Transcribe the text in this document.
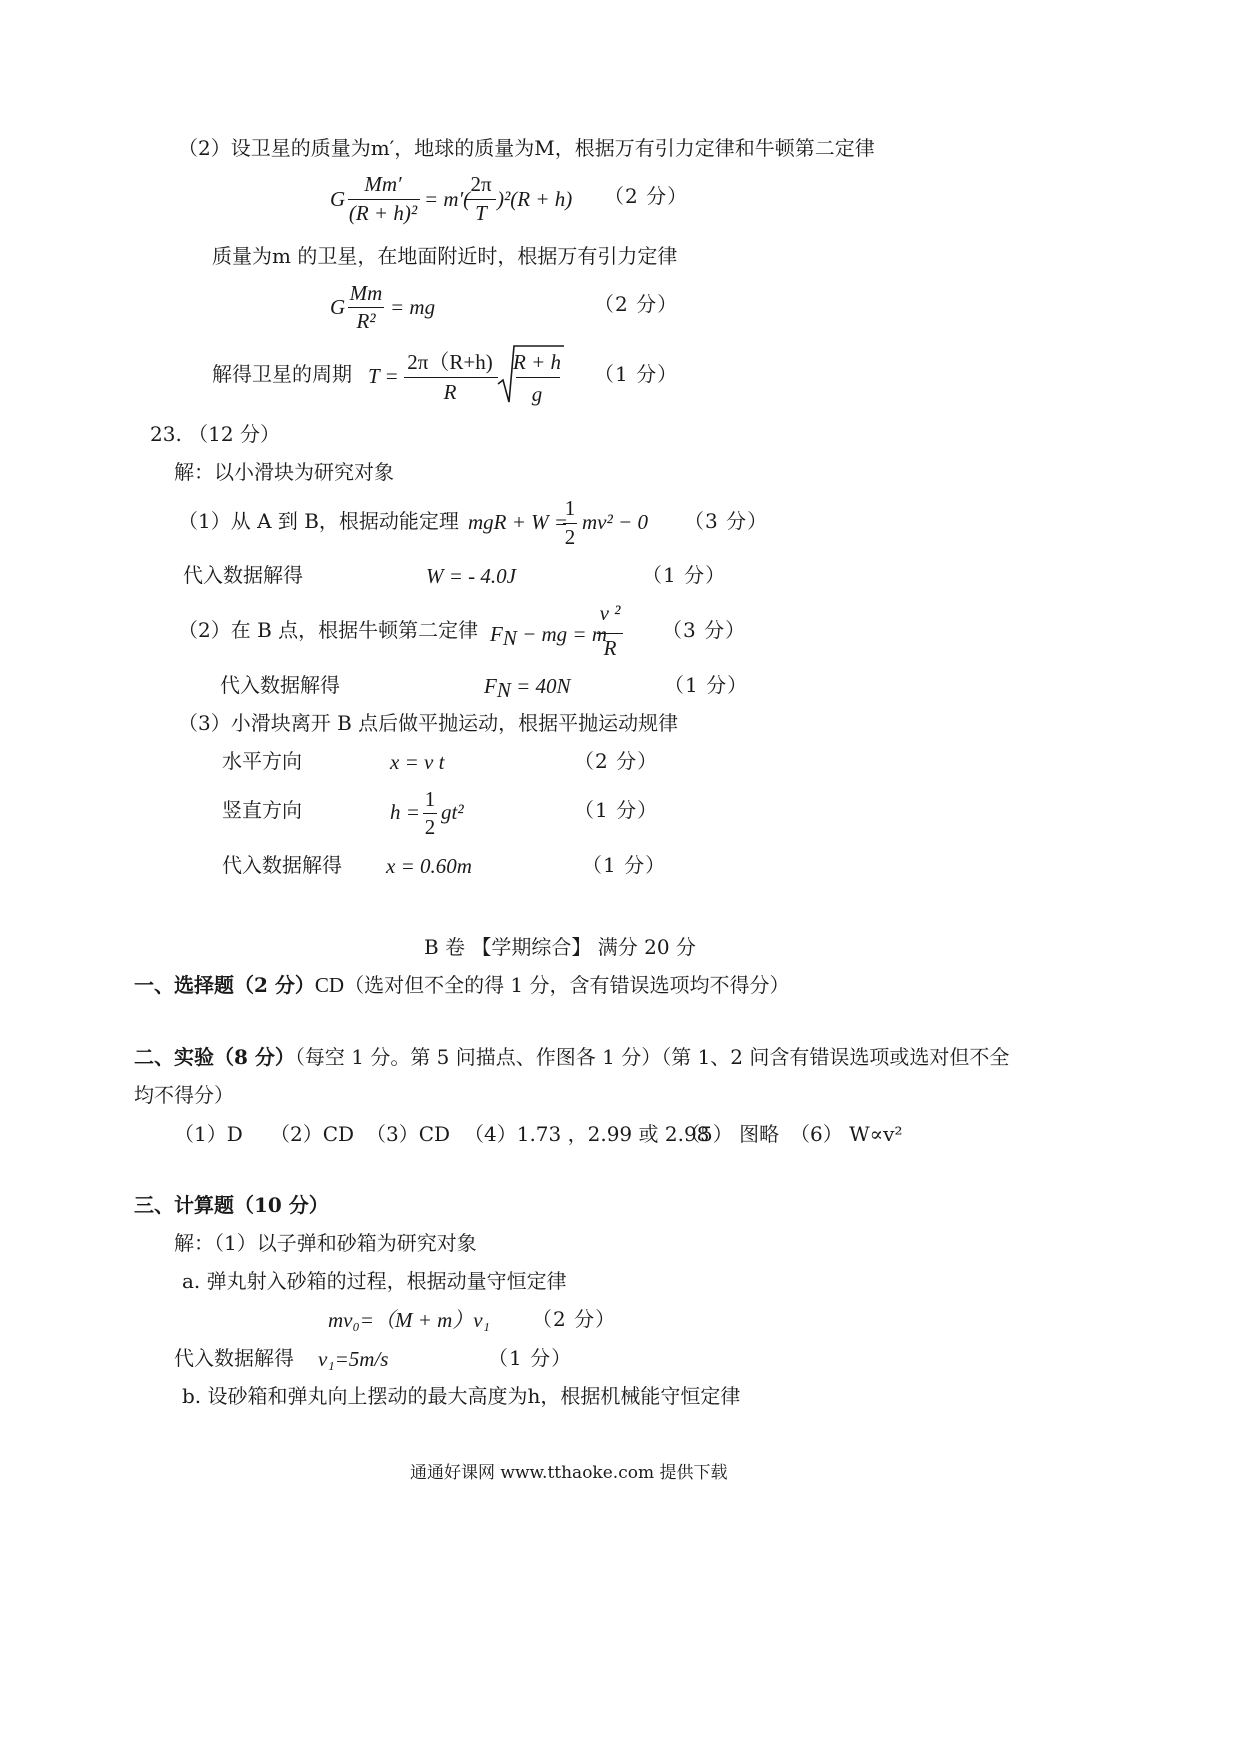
（2）设卫星的质量为m′，地球的质量为M，根据万有引力定律和牛顿第二定律
G
Mm′
(R + h)²
= m′(
2π
T
)²(R + h) （2 分）
质量为m 的卫星，在地面附近时，根据万有引力定律
G
Mm
R²
= mg	（2 分）
解得卫星的周期 T =
2π（R+h)
R
R + h
g
（1 分）
23. （12 分）
解：以小滑块为研究对象
（1）从 A 到 B，根据动能定理 mgR + W =
1
2
mv² − 0 （3 分）
代入数据解得	W = - 4.0J	（1 分）
（2）在 B 点，根据牛顿第二定律 $F_N$ − mg = m
v ²
R
（3 分）
代入数据解得	$F_N = 40N$	（1 分）
（3）小滑块离开 B 点后做平抛运动，根据平抛运动规律
水平方向	x = v t	（2 分）
竖直方向	h =
1
2
gt²	（1 分）
代入数据解得 x = 0.60m	（1 分）
B 卷 【学期综合】 满分 20 分
一、选择题（2 分）CD（选对但不全的得 1 分，含有错误选项均不得分）
二、实验（8 分）（每空 1 分。第 5 问描点、作图各 1 分）（第 1、2 问含有错误选项或选对但不全
均不得分）
（1）D （2）CD （3）CD （4）1.73 ，2.99 或 2.98
（5） 图略 （6） W∝v²
三、计算题（10 分）
解：（1）以子弹和砂箱为研究对象
a. 弹丸射入砂箱的过程，根据动量守恒定律
mv₀=（M + m）v₁ （2 分）
代入数据解得 v₁=5m/s	（1 分）
b. 设砂箱和弹丸向上摆动的最大高度为h，根据机械能守恒定律
通通好课网 www.tthaoke.com 提供下载
